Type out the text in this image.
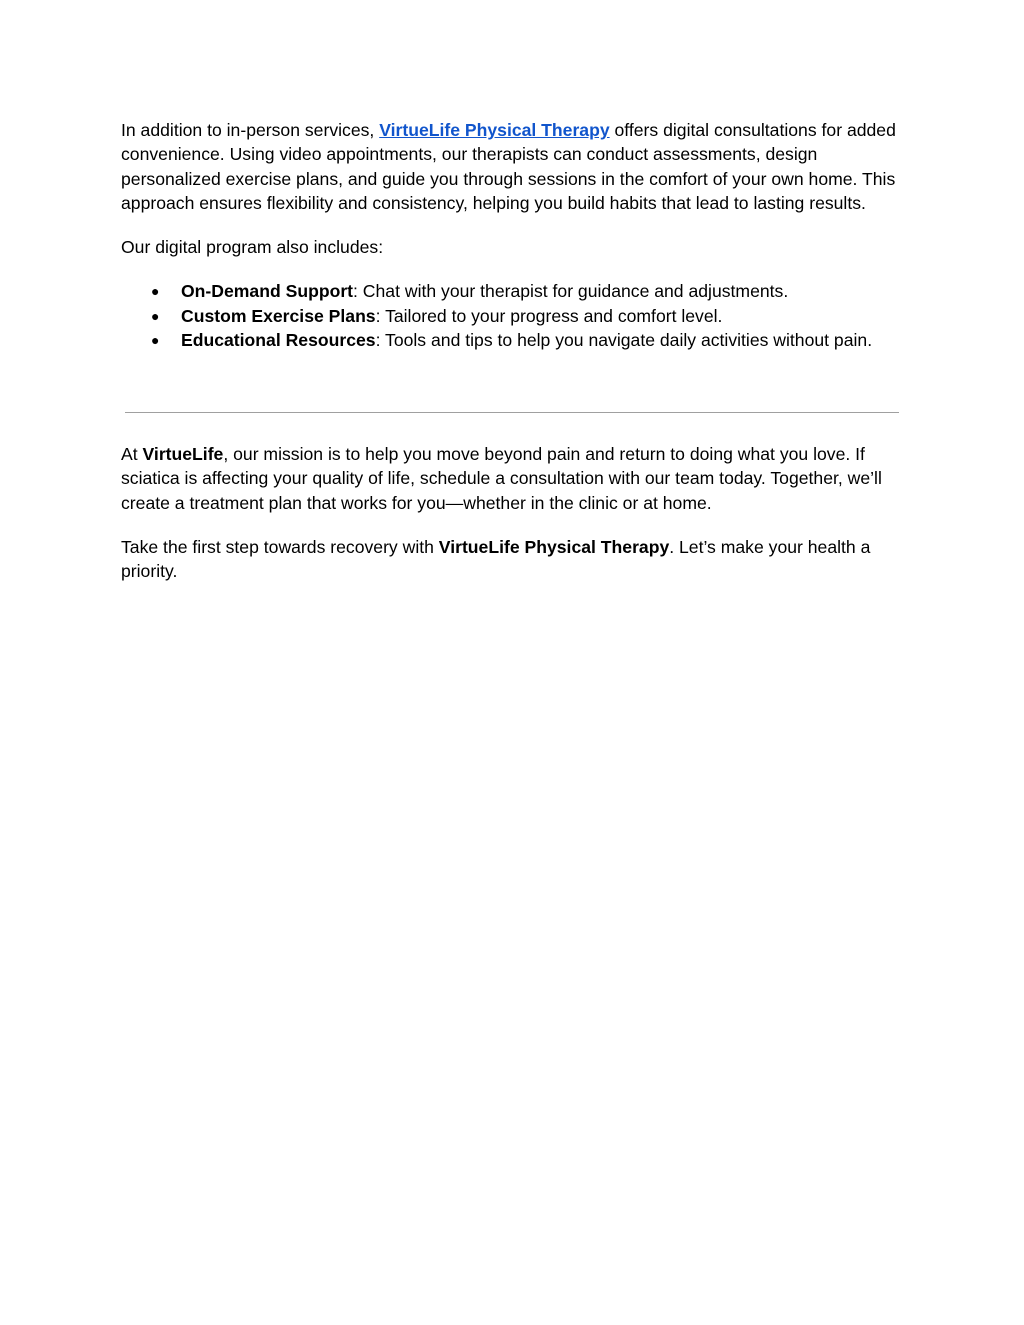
In addition to in-person services, VirtueLife Physical Therapy offers digital consultations for added convenience. Using video appointments, our therapists can conduct assessments, design personalized exercise plans, and guide you through sessions in the comfort of your own home. This approach ensures flexibility and consistency, helping you build habits that lead to lasting results.

Our digital program also includes:

● On-Demand Support: Chat with your therapist for guidance and adjustments.
● Custom Exercise Plans: Tailored to your progress and comfort level.
● Educational Resources: Tools and tips to help you navigate daily activities without pain.

At VirtueLife, our mission is to help you move beyond pain and return to doing what you love. If sciatica is affecting your quality of life, schedule a consultation with our team today. Together, we’ll create a treatment plan that works for you—whether in the clinic or at home.

Take the first step towards recovery with VirtueLife Physical Therapy. Let’s make your health a priority.
